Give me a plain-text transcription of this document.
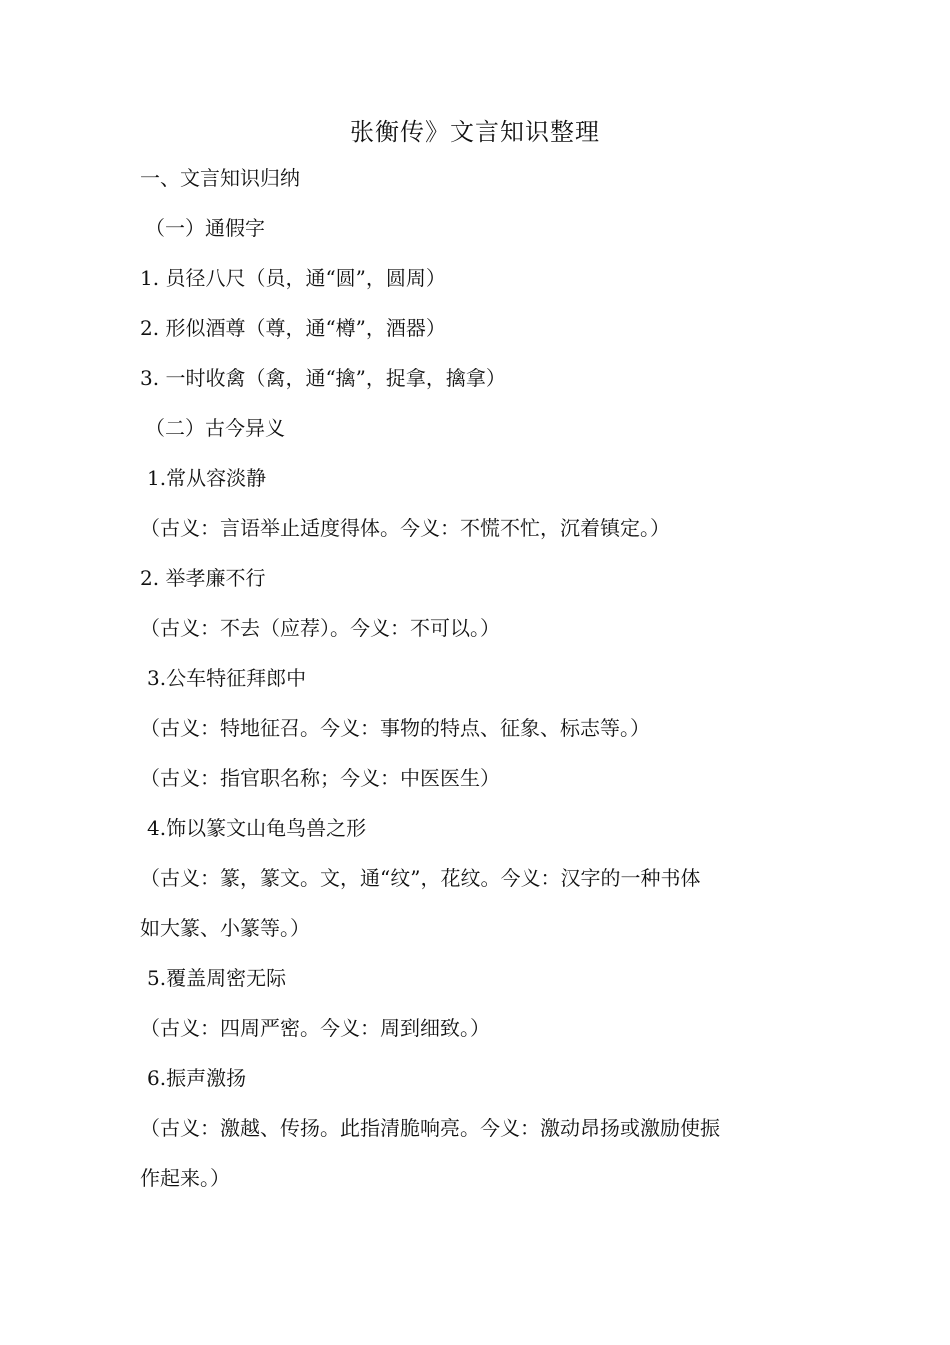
张衡传》文言知识整理
一、文言知识归纳
（一）通假字
1. 员径八尺（员，通“圆”，圆周）
2. 形似酒尊（尊，通“樽”，酒器）
3. 一时收禽（禽，通“擒”，捉拿，擒拿）
（二）古今异义
1.常从容淡静
（古义：言语举止适度得体。今义：不慌不忙，沉着镇定。）
2. 举孝廉不行
（古义：不去（应荐）。今义：不可以。）
3.公车特征拜郎中
（古义：特地征召。今义：事物的特点、征象、标志等。）
（古义：指官职名称；今义：中医医生）
4.饰以篆文山龟鸟兽之形
（古义：篆，篆文。文，通“纹”，花纹。今义：汉字的一种书体
如大篆、小篆等。）
5.覆盖周密无际
（古义：四周严密。今义：周到细致。）
6.振声激扬
（古义：激越、传扬。此指清脆响亮。今义：激动昂扬或激励使振
作起来。）
